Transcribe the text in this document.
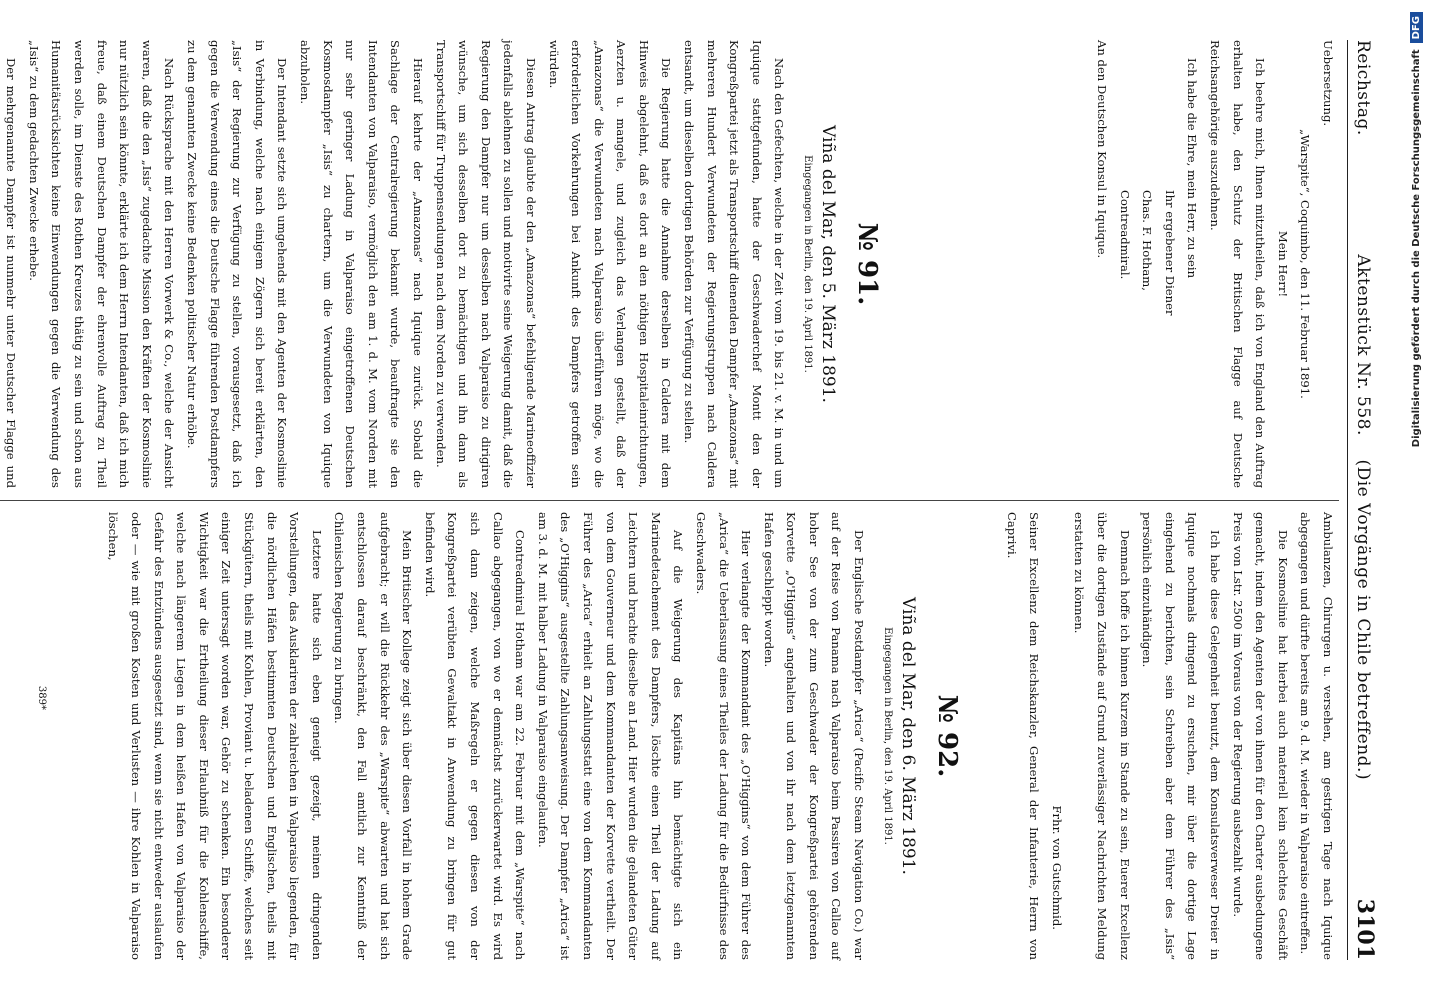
Reichstag.
Aktenstück Nr. 558.    (Die Vorgänge in Chile betreffend.)
3101

Uebersetzung.

„Warspite“, Coquimbo, den 11. Februar 1891.

Mein Herr!

Ich beehre mich, Ihnen mitzutheilen, daß ich von England den Auftrag erhalten habe, den Schutz der Britischen Flagge auf Deutsche Reichsangehörige auszudehnen.

Ich habe die Ehre, mein Herr, zu sein

Ihr ergebener Diener

Chas. F. Hotham,

Contreadmiral.

An den Deutschen Konsul in Iquique.

№ 91.

Viña del Mar, den 5. März 1891.

Eingegangen in Berlin, den 19. April 1891.

Nach den Gefechten, welche in der Zeit vom 19. bis 21. v. M. in und um Iquique stattgefunden, hatte der Geschwaderchef Montt den der Kongreßpartei jetzt als Transportschiff dienenden Dampfer „Amazonas“ mit mehreren Hundert Verwundeten der Regierungstruppen nach Caldera entsandt, um dieselben dortigen Behörden zur Verfügung zu stellen.

Die Regierung hatte die Annahme derselben in Caldera mit dem Hinweis abgelehnt, daß es dort an den nöthigen Hospitaleinrichtungen, Aerzten u. mangele, und zugleich das Verlangen gestellt, daß der „Amazonas“ die Verwundeten nach Valparaiso überführen möge, wo die erforderlichen Vorkehrungen bei Ankunft des Dampfers getroffen sein würden.

Diesen Antrag glaubte der den „Amazonas“ befehligende Marineoffizier jedenfalls ablehnen zu sollen und motivirte seine Weigerung damit, daß die Regierung den Dampfer nur um desselben nach Valparaiso zu dirigiren wünsche, um sich desselben dort zu bemächtigen und ihn dann als Transportschiff für Truppensendungen nach dem Norden zu verwenden.

Hierauf kehrte der „Amazonas“ nach Iquique zurück. Sobald die Sachlage der Centralregierung bekannt wurde, beauftragte sie den Intendanten von Valparaiso, vermöglich den am 1. d. M. vom Norden mit nur sehr geringer Ladung in Valparaiso eingetroffenen Deutschen Kosmosdampfer „Isis“ zu chartern, um die Verwundeten von Iquique abzuholen.

Der Intendant setzte sich umgehends mit den Agenten der Kosmoslinie in Verbindung, welche nach einigem Zögern sich bereit erklärten, den „Isis“ der Regierung zur Verfügung zu stellen, vorausgesetzt, daß ich gegen die Verwendung eines die Deutsche Flagge führenden Postdampfers zu dem genannten Zwecke keine Bedenken politischer Natur erhöbe.

Nach Rücksprache mit den Herren Vorwerk & Co., welche der Ansicht waren, daß die den „Isis“ zugedachte Mission den Kräften der Kosmoslinie nur nützlich sein könnte, erklärte ich dem Herrn Intendanten, daß ich mich freue, daß einem Deutschen Dampfer der ehrenvolle Auftrag zu Theil werden solle, im Dienste des Rothen Kreuzes thätig zu sein und schon aus Humanitätsrücksichten keine Einwendungen gegen die Verwendung des „Isis“ zu dem gedachten Zwecke erhebe.

Der mehrgenannte Dampfer ist nunmehr unter Deutscher Flagge und

Ambulanzen, Chirurgen u. versehen, am gestrigen Tage nach Iquique abgegangen und dürfte bereits am 9. d. M. wieder in Valparaiso eintreffen.

Die Kosmoslinie hat hierbei auch materiell kein schlechtes Geschäft gemacht, indem den Agenten der von ihnen für den Charter ausbedungene Preis von Lstr. 2500 im Voraus von der Regierung ausbezahlt wurde.

Ich habe diese Gelegenheit benutzt, dem Konsulatsverweser Dreier in Iquique nochmals dringend zu ersuchen, mir über die dortige Lage eingehend zu berichten, sein Schreiben aber dem Führer des „Isis“ persönlich einzuhändigen.

Demnach hoffe ich binnen Kurzem im Stande zu sein, Euerer Excellenz über die dortigen Zustände auf Grund zuverlässiger Nachrichten Meldung erstatten zu können.

Frhr. von Gutschmid.

Seiner Excellenz dem Reichskanzler, General der Infanterie, Herrn von Caprivi.

№ 92.

Viña del Mar, den 6. März 1891.

Eingegangen in Berlin, den 19. April 1891.

Der Englische Postdampfer „Arica“ (Pacific Steam Navigation Co.) war auf der Reise von Panama nach Valparaiso beim Passiren von Callao auf hoher See von der zum Geschwader der Kongreßpartei gehörenden Korvette „O'Higgins“ angehalten und von ihr nach dem letztgenannten Hafen geschleppt worden.

Hier verlangte der Kommandant des „O'Higgins“ von dem Führer des „Arica“ die Ueberlassung eines Theiles der Ladung für die Bedürfnisse des Geschwaders.

Auf die Weigerung des Kapitäns hin bemächtigte sich ein Marinedetachement des Dampfers, löschte einen Theil der Ladung auf Leichtern und brachte dieselbe an Land. Hier wurden die gelandeten Güter von dem Gouverneur und dem Kommandanten der Korvette vertheilt. Der Führer des „Arica“ erhielt an Zahlungsstatt eine von dem Kommandanten des „O'Higgins“ ausgestellte Zahlungsanweisung. Der Dampfer „Arica“ ist am 3. d. M. mit halber Ladung in Valparaiso eingelaufen.

Contreadmiral Hotham war am 22. Februar mit dem „Warspite“ nach Callao abgegangen, von wo er demnächst zurückerwartet wird. Es wird sich dann zeigen, welche Maßregeln er gegen diesen von der Kongreßpartei verübten Gewaltakt in Anwendung zu bringen für gut befinden wird.

Mein Britischer Kollege zeigt sich über diesen Vorfall in hohem Grade aufgebracht; er will die Rückkehr des „Warspite“ abwarten und hat sich entschlossen darauf beschränkt, den Fall amtlich zur Kenntniß der Chilenischen Regierung zu bringen.

Letztere hatte sich eben geneigt gezeigt, meinen dringenden Vorstellungen, das Ausklariren der zahlreichen in Valparaiso liegenden, für die nördlichen Häfen bestimmten Deutschen und Englischen, theils mit Stückgütern, theils mit Kohlen, Proviant u. beladenen Schiffe, welches seit einiger Zeit untersagt worden war, Gehör zu schenken. Ein besonderer Wichtigkeit war die Ertheilung dieser Erlaubniß für die Kohlenschiffe, welche nach längerem Liegen in dem heißen Hafen von Valparaiso der Gefahr des Entzündens ausgesetzt sind, wenn sie nicht entweder auslaufen oder — wie mit großen Kosten und Verlusten — ihre Kohlen in Valparaiso löschen,

389*
Digitalisierung gefördert durch die Deutsche Forschungsgemeinschaft
DFG
